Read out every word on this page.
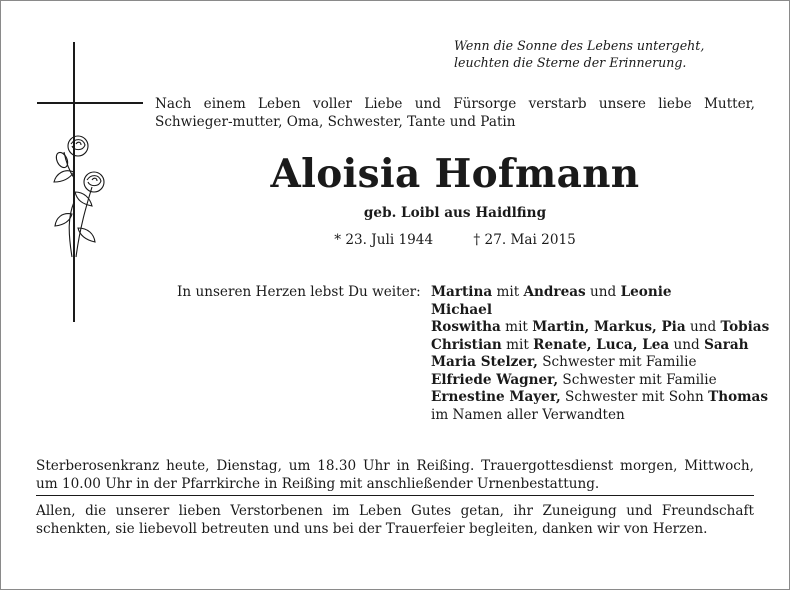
Wenn die Sonne des Lebens untergeht,
leuchten die Sterne der Erinnerung.
Nach einem Leben voller Liebe und Fürsorge verstarb unsere liebe Mutter, Schwieger-mutter, Oma, Schwester, Tante und Patin
Aloisia Hofmann
geb. Loibl aus Haidlfing
* 23. Juli 1944	† 27. Mai 2015
In unseren Herzen lebst Du weiter: Martina mit Andreas und Leonie
Michael
Roswitha mit Martin, Markus, Pia und Tobias
Christian mit Renate, Luca, Lea und Sarah
Maria Stelzer, Schwester mit Familie
Elfriede Wagner, Schwester mit Familie
Ernestine Mayer, Schwester mit Sohn Thomas
im Namen aller Verwandten
Sterberosenkranz heute, Dienstag, um 18.30 Uhr in Reißing. Trauergottesdienst morgen, Mittwoch, um 10.00 Uhr in der Pfarrkirche in Reißing mit anschließender Urnenbestattung.
Allen, die unserer lieben Verstorbenen im Leben Gutes getan, ihr Zuneigung und Freundschaft schenkten, sie liebevoll betreuten und uns bei der Trauerfeier begleiten, danken wir von Herzen.
